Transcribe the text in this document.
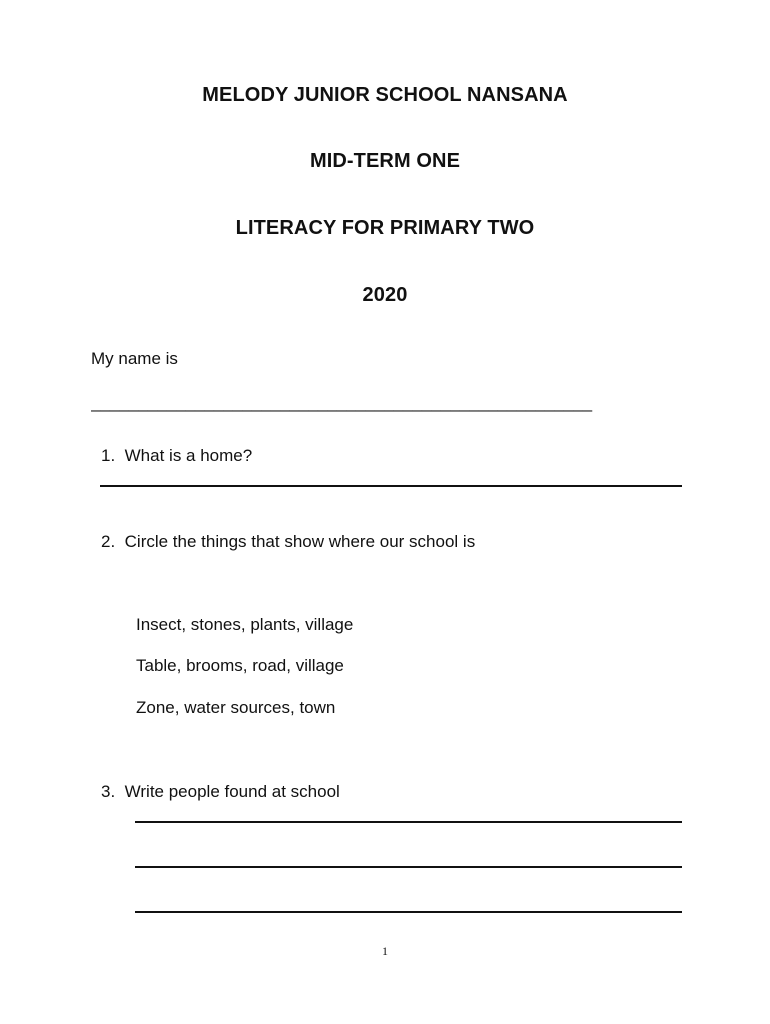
MELODY JUNIOR SCHOOL NANSANA
MID-TERM ONE
LITERACY FOR PRIMARY TWO
2020
My name is
_____________________________________________________
1. What is a home?
2. Circle the things that show where our school is
Insect, stones, plants, village
Table, brooms, road, village
Zone, water sources, town
3. Write people found at school
1
